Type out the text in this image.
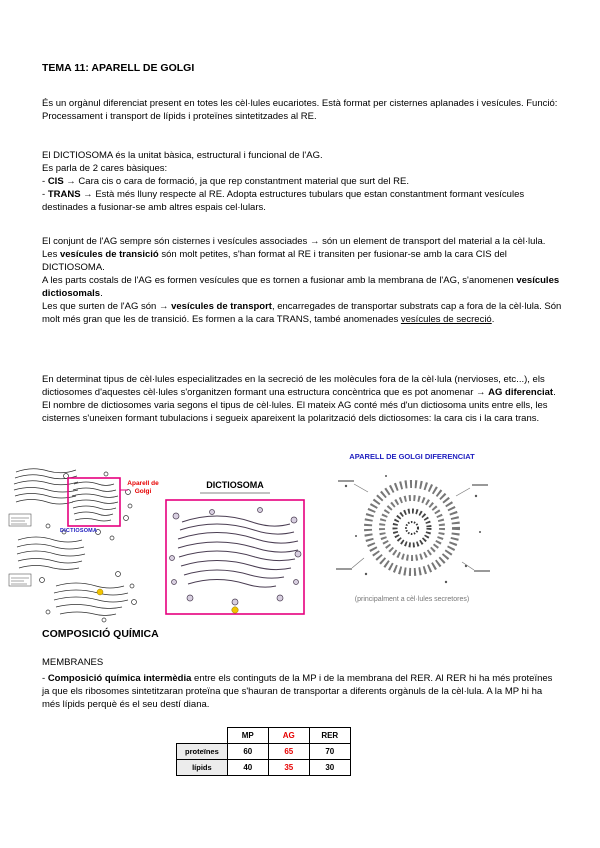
TEMA 11: APARELL DE GOLGI

És un orgànul diferenciat present en totes les cèl·lules eucariotes. Està format per cisternes aplanades i vesícules. Funció: Processament i transport de lípids i proteïnes sintetitzades al RE.

El DICTIOSOMA és la unitat bàsica, estructural i funcional de l'AG.
Es parla de 2 cares bàsiques:
- CIS → Cara cis o cara de formació, ja que rep constantment material que surt del RE.
- TRANS → Està més lluny respecte al RE. Adopta estructures tubulars que estan constantment formant vesícules destinades a fusionar-se amb altres espais cel·lulars.

El conjunt de l'AG sempre són cisternes i vesícules associades → són un element de transport del material a la cèl·lula. Les vesícules de transició són molt petites, s'han format al RE i transiten per fusionar-se amb la cara CIS del DICTIOSOMA.
A les parts costals de l'AG es formen vesícules que es tornen a fusionar amb la membrana de l'AG, s'anomenen vesícules dictiosomals.
Les que surten de l'AG són → vesícules de transport, encarregades de transportar substrats cap a fora de la cèl·lula. Són molt més gran que les de transició. Es formen a la cara TRANS, també anomenades vesícules de secreció.

En determinat tipus de cèl·lules especialitzades en la secreció de les molècules fora de la cèl·lula (nervioses, etc...), els dictiosomes d'aquestes cèl·lules s'organitzen formant una estructura concèntrica que es pot anomenar → AG diferenciat.
El nombre de dictiosomes varia segons el tipus de cèl·lules. El mateix AG conté més d'un dictiosoma units entre ells, les cisternes s'uneixen formant tubulacions i segueix apareixent la polarització dels dictiosomes: la cara cis i la cara trans.

Aparell de Golgi
DICTIOSOMA
DICTIOSOMA
APARELL DE GOLGI DIFERENCIAT
(principalment a cèl·lules secretores)
COMPOSICIÓ QUÍMICA
MEMBRANES

- Composició química intermèdia entre els continguts de la MP i de la membrana del RER. Al RER hi ha més proteïnes ja que els ribosomes sintetitzaran proteïna que s'hauran de transportar a diferents orgànuls de la cèl·lula. A la MP hi ha més lípids perquè és el seu destí diana.

	MP	AG	RER
proteïnes	60	65	70
lípids	40	35	30
